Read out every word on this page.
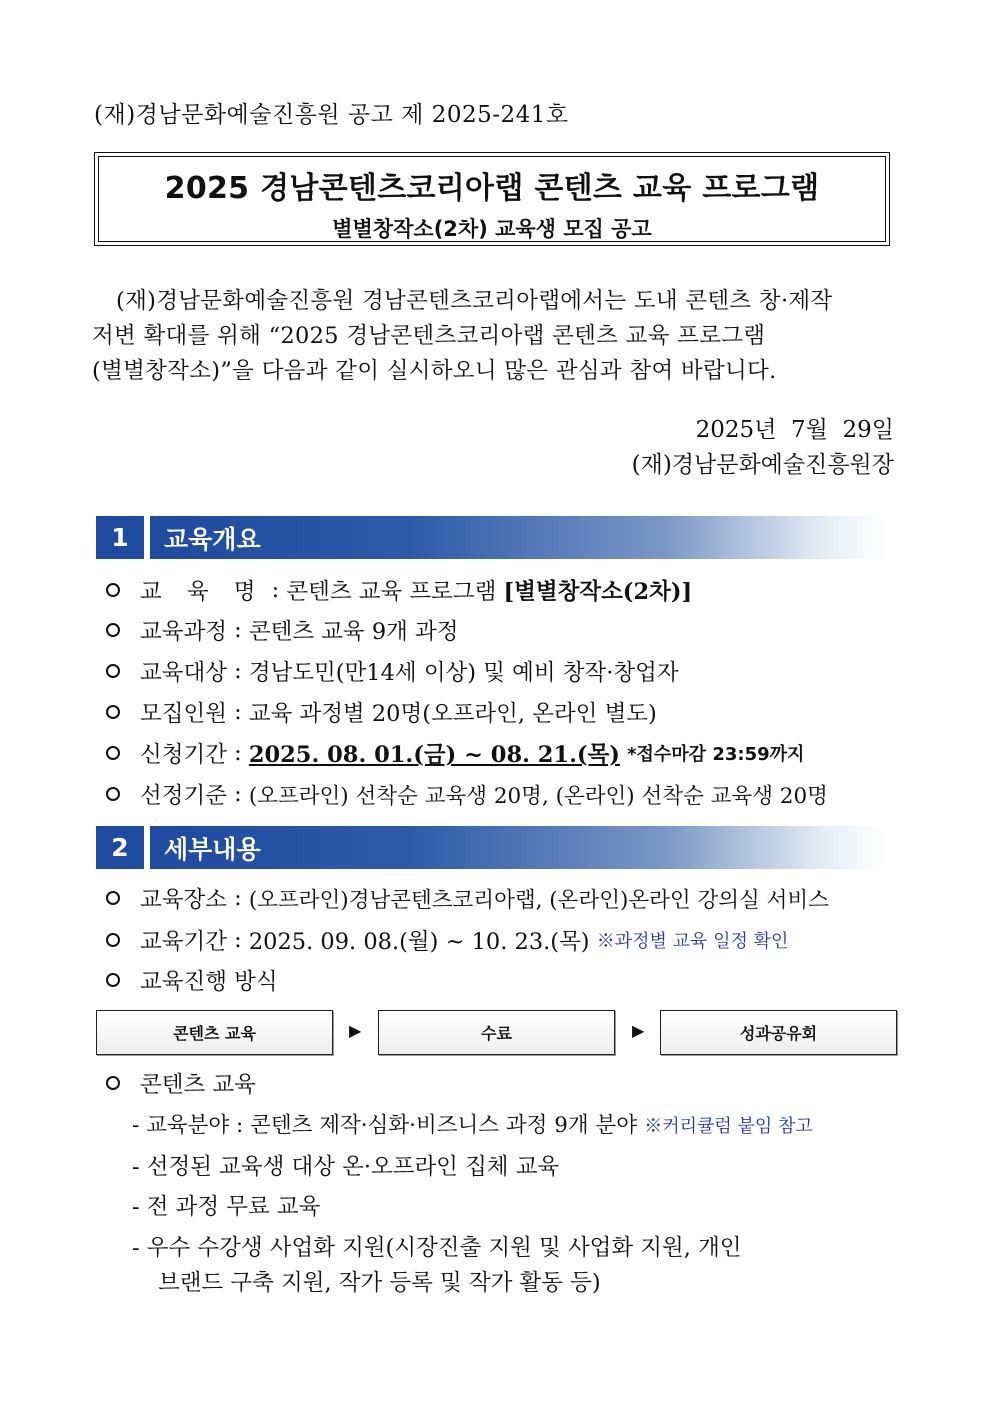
(재)경남문화예술진흥원 공고 제 2025-241호
2025 경남콘텐츠코리아랩 콘텐츠 교육 프로그램
별별창작소(2차) 교육생 모집 공고

(재)경남문화예술진흥원 경남콘텐츠코리아랩에서는 도내 콘텐츠 창·제작

저변 확대를 위해 “2025 경남콘텐츠코리아랩 콘텐츠 교육 프로그램

(별별창작소)”을 다음과 같이 실시하오니 많은 관심과 참여 바랍니다.

2025년  7월  29일
(재)경남문화예술진흥원장
1	교육개요
교 육 명 : 콘텐츠 교육 프로그램
[별별창작소(2차)]
교육과정 : 콘텐츠 교육 9개 과정
교육대상 : 경남도민(만14세 이상) 및 예비 창작·창업자
모집인원 : 교육 과정별 20명(오프라인, 온라인 별도)
신청기간 : 2025. 08. 01.(금) ~ 08. 21.(목)
*접수마감 23:59까지
선정기준 : (오프라인) 선착순 교육생 20명, (온라인) 선착순 교육생 20명
2	세부내용
교육장소 : (오프라인)경남콘텐츠코리아랩, (온라인)온라인 강의실 서비스
교육기간 : 2025. 09. 08.(월) ~ 10. 23.(목)
※과정별 교육 일정 확인
교육진행 방식
콘텐츠 교육	▶	수료	▶	성과공유회
콘텐츠 교육
- 교육분야 : 콘텐츠 제작·심화·비즈니스 과정 9개 분야 ※커리큘럼 붙임 참고
- 선정된 교육생 대상 온·오프라인 집체 교육
- 전 과정 무료 교육
- 우수 수강생 사업화 지원(시장진출 지원 및 사업화 지원, 개인
브랜드 구축 지원, 작가 등록 및 작가 활동 등)
